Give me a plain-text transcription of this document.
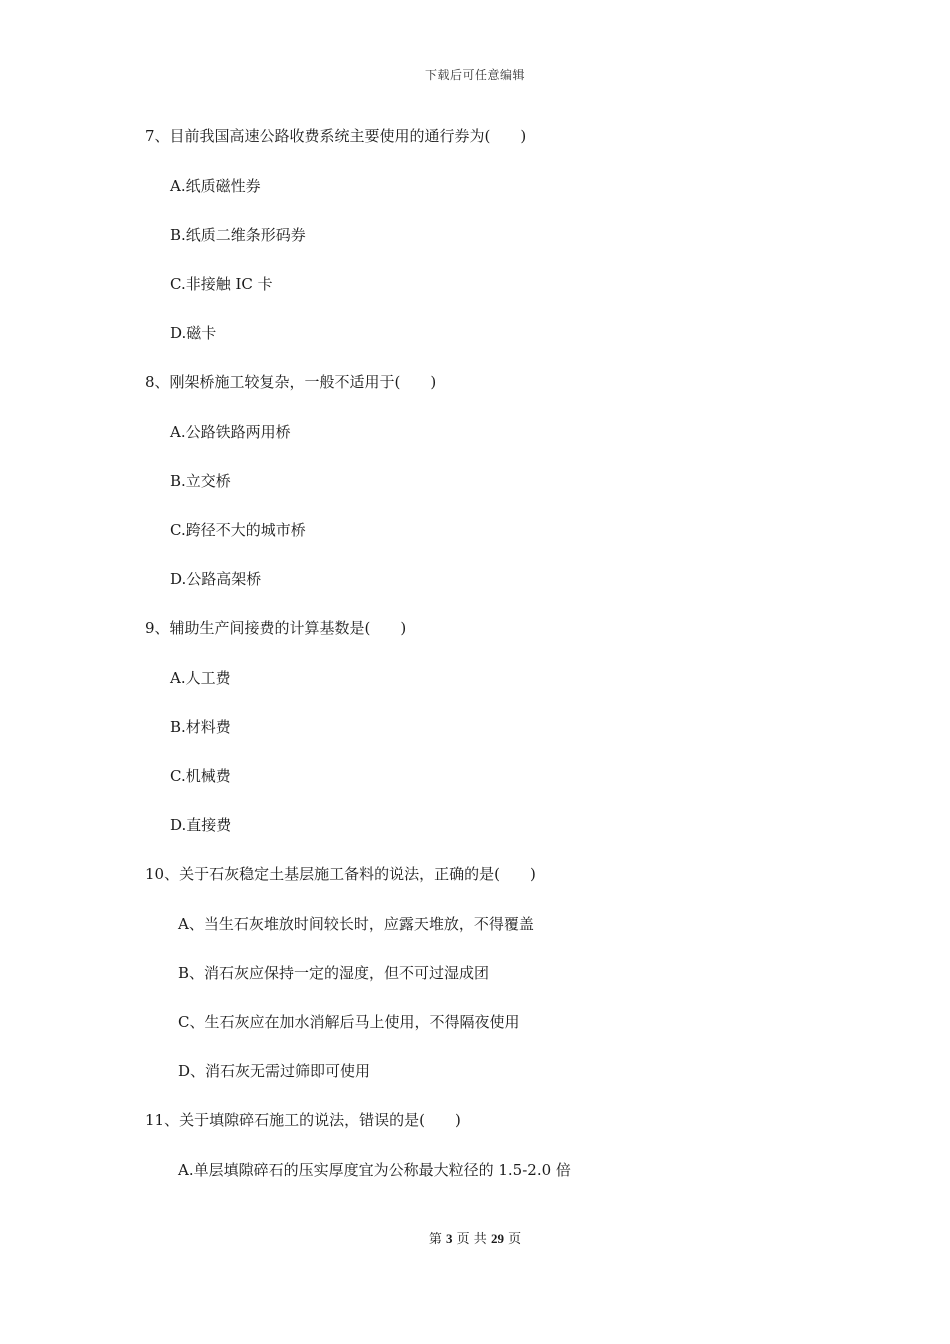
下载后可任意编辑
7、目前我国高速公路收费系统主要使用的通行券为(　　)
A.纸质磁性券
B.纸质二维条形码券
C.非接触 IC 卡
D.磁卡
8、刚架桥施工较复杂，一般不适用于(　　)
A.公路铁路两用桥
B.立交桥
C.跨径不大的城市桥
D.公路高架桥
9、辅助生产间接费的计算基数是(　　)
A.人工费
B.材料费
C.机械费
D.直接费
10、关于石灰稳定土基层施工备料的说法，正确的是(　　)
A、当生石灰堆放时间较长时，应露天堆放，不得覆盖
B、消石灰应保持一定的湿度，但不可过湿成团
C、生石灰应在加水消解后马上使用，不得隔夜使用
D、消石灰无需过筛即可使用
11、关于填隙碎石施工的说法，错误的是(　　)
A.单层填隙碎石的压实厚度宜为公称最大粒径的 1.5-2.0 倍
第 3 页 共 29 页
